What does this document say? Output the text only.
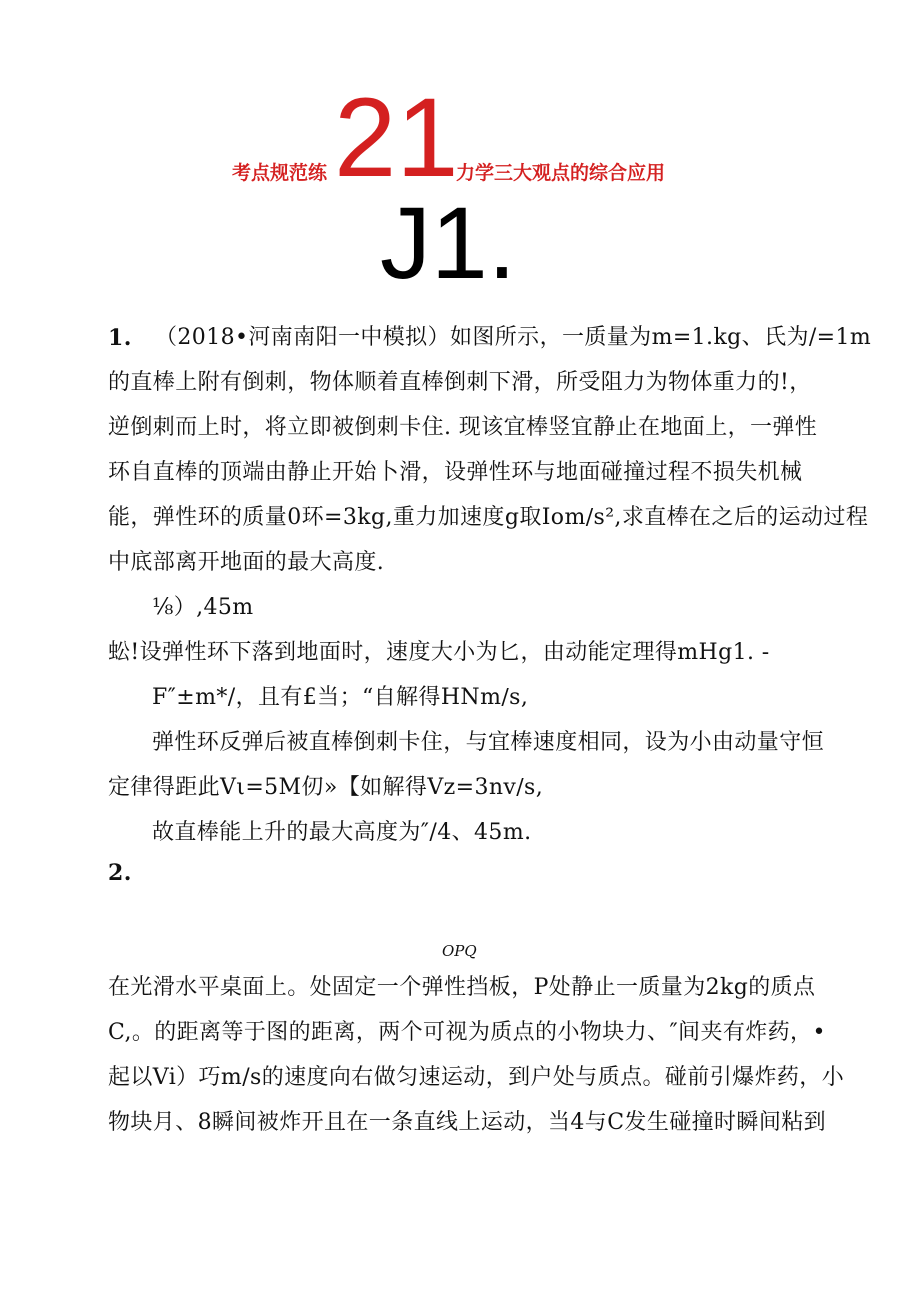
考点规范练 21
力学三大观点的综合应用
J1.
1. （2018•河南南阳一中模拟）如图所示，一质量为m=1.kg、氏为/=1m
的直棒上附有倒刺，物体顺着直棒倒刺下滑，所受阻力为物体重力的!，
逆倒刺而上时，将立即被倒刺卡住. 现该宜棒竖宜静止在地面上，一弹性
环自直棒的顶端由静止开始卜滑，设弹性环与地面碰撞过程不损失机械
能，弹性环的质量0环=3kg,重力加速度g取Iom∕s²,求直棒在之后的运动过程
中底部离开地面的最大高度.
⅛）,45m
蚣!设弹性环下落到地面时，速度大小为匕，由动能定理得mHg1. -
F″±m*/，且有£当；“自解得HNm∕s,
弹性环反弹后被直棒倒刺卡住，与宜棒速度相同，设为小由动量守恒
定律得距此Vι=5M仞»【如解得Vz=3nv∕s,
故直棒能上升的最大高度为″/4、45m.
2.
OPQ
在光滑水平桌面上。处固定一个弹性挡板，P处静止一质量为2kg的质点
C,。的距离等于图的距离，两个可视为质点的小物块力、″间夹有炸药，•
起以Vi）巧m/s的速度向右做匀速运动，到户处与质点。碰前引爆炸药，小
物块月、8瞬间被炸开且在一条直线上运动，当4与C发生碰撞时瞬间粘到
